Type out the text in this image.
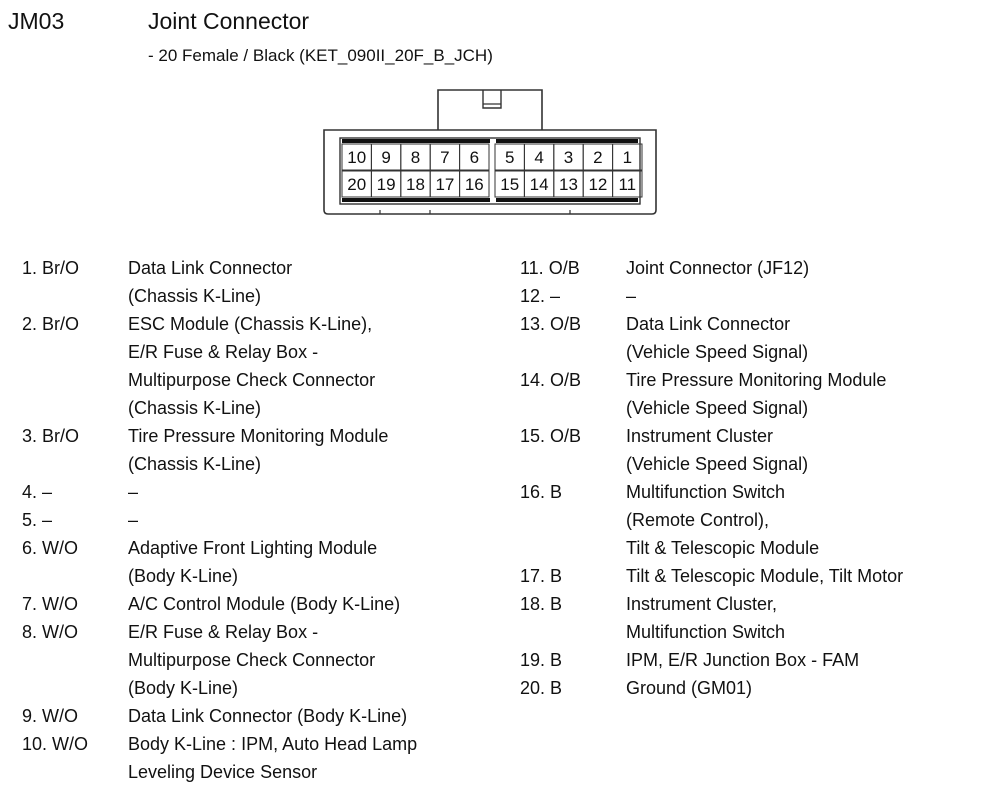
JM03	Joint Connector
- 20 Female / Black (KET_090II_20F_B_JCH)
10 9 8 7 6 5 4 3 2 1
20 19 18 17 16 15 14 13 12 11
1. Br/O	Data Link Connector
(Chassis K-Line)
2. Br/O	ESC Module (Chassis K-Line),
E/R Fuse & Relay Box -
Multipurpose Check Connector
(Chassis K-Line)
3. Br/O	Tire Pressure Monitoring Module
(Chassis K-Line)
4. –	–
5. –	–
6. W/O	Adaptive Front Lighting Module
(Body K-Line)
7. W/O	A/C Control Module (Body K-Line)
8. W/O	E/R Fuse & Relay Box -
Multipurpose Check Connector
(Body K-Line)
9. W/O	Data Link Connector (Body K-Line)
10. W/O Body K-Line : IPM, Auto Head Lamp
Leveling Device Sensor
11. O/B	Joint Connector (JF12)
12. –	–
13. O/B Data Link Connector
(Vehicle Speed Signal)
14. O/B Tire Pressure Monitoring Module
(Vehicle Speed Signal)
15. O/B Instrument Cluster
(Vehicle Speed Signal)
16. B	Multifunction Switch
(Remote Control),
Tilt & Telescopic Module
17. B	Tilt & Telescopic Module, Tilt Motor
18. B	Instrument Cluster,
Multifunction Switch
19. B	IPM, E/R Junction Box - FAM
20. B	Ground (GM01)
